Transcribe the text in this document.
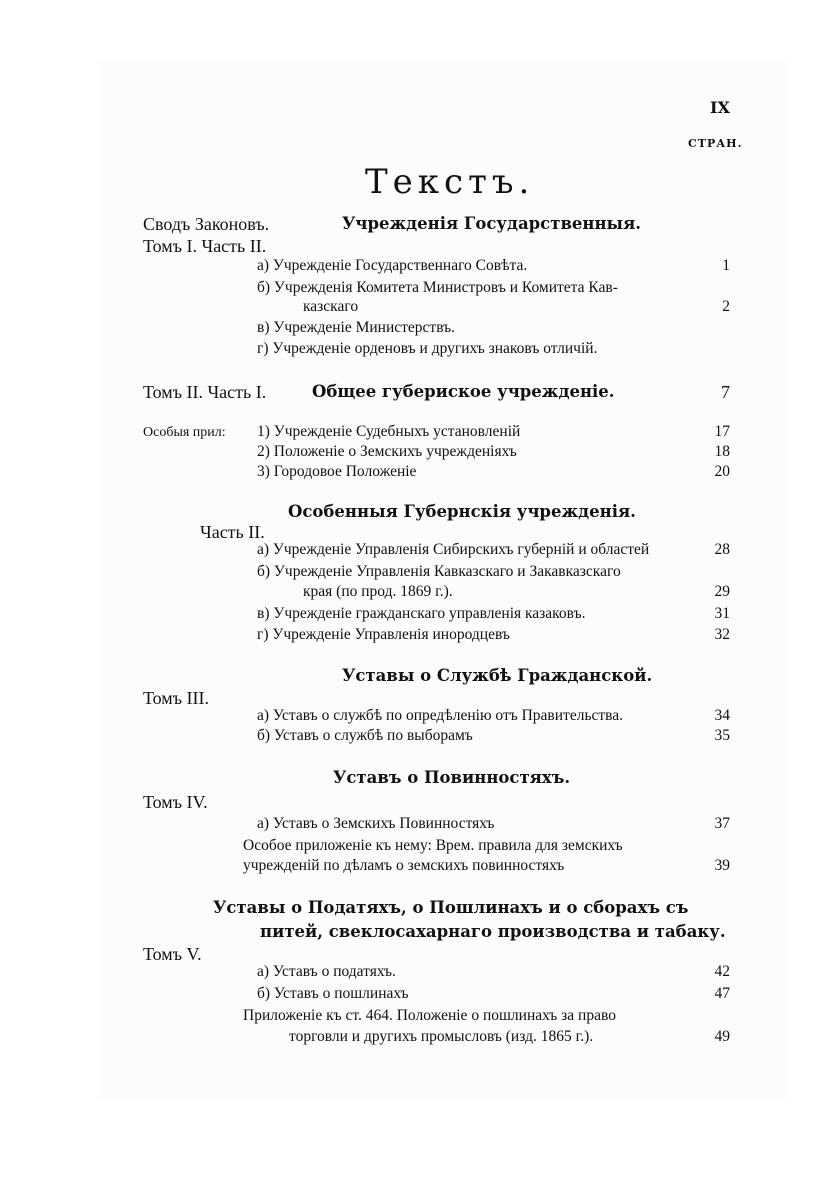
IX
СТРАН.
Текстъ.
Сводъ Законовъ.	Учрежденія Государственныя.
Томъ I. Часть II.
а) Учрежденіе Государственнаго Совѣта.	1
б) Учрежденія Комитета Министровъ и Комитета Кав-
казскаго	2
в) Учрежденіе Министерствъ.
г) Учрежденіе орденовъ и другихъ знаковъ отличій.
Томъ II. Часть I.	Общее губериское учрежденіе.	7
Особыя прил: 1) Учрежденіе Судебныхъ установленій	17
2) Положеніе о Земскихъ учрежденіяхъ	18
3) Городовое Положеніе	20
Особенныя Губернскія учрежденія.
Часть II.
а) Учрежденіе Управленія Сибирскихъ губерній и областей	28
б) Учрежденіе Управленія Кавказскаго и Закавказскаго
края (по прод. 1869 г.).	29
в) Учрежденіе гражданскаго управленія казаковъ.	31
г) Учрежденіе Управленія инородцевъ	32
Уставы о Службѣ Гражданской.
Томъ III.
а) Уставъ о службѣ по опредѣленію отъ Правительства.	34
б) Уставъ о службѣ по выборамъ	35
Уставъ о Повинностяхъ.
Томъ IV.
а) Уставъ о Земскихъ Повинностяхъ	37
Особое приложеніе къ нему: Врем. правила для земскихъ
учрежденій по дѣламъ о земскихъ повинностяхъ	39
Уставы о Податяхъ, о Пошлинахъ и о сборахъ съ
питей, свеклосахарнаго производства и табаку.
Томъ V.
а) Уставъ о податяхъ.	42
б) Уставъ о пошлинахъ	47
Приложеніе къ ст. 464. Положеніе о пошлинахъ за право
торговли и другихъ промысловъ (изд. 1865 г.).	49
